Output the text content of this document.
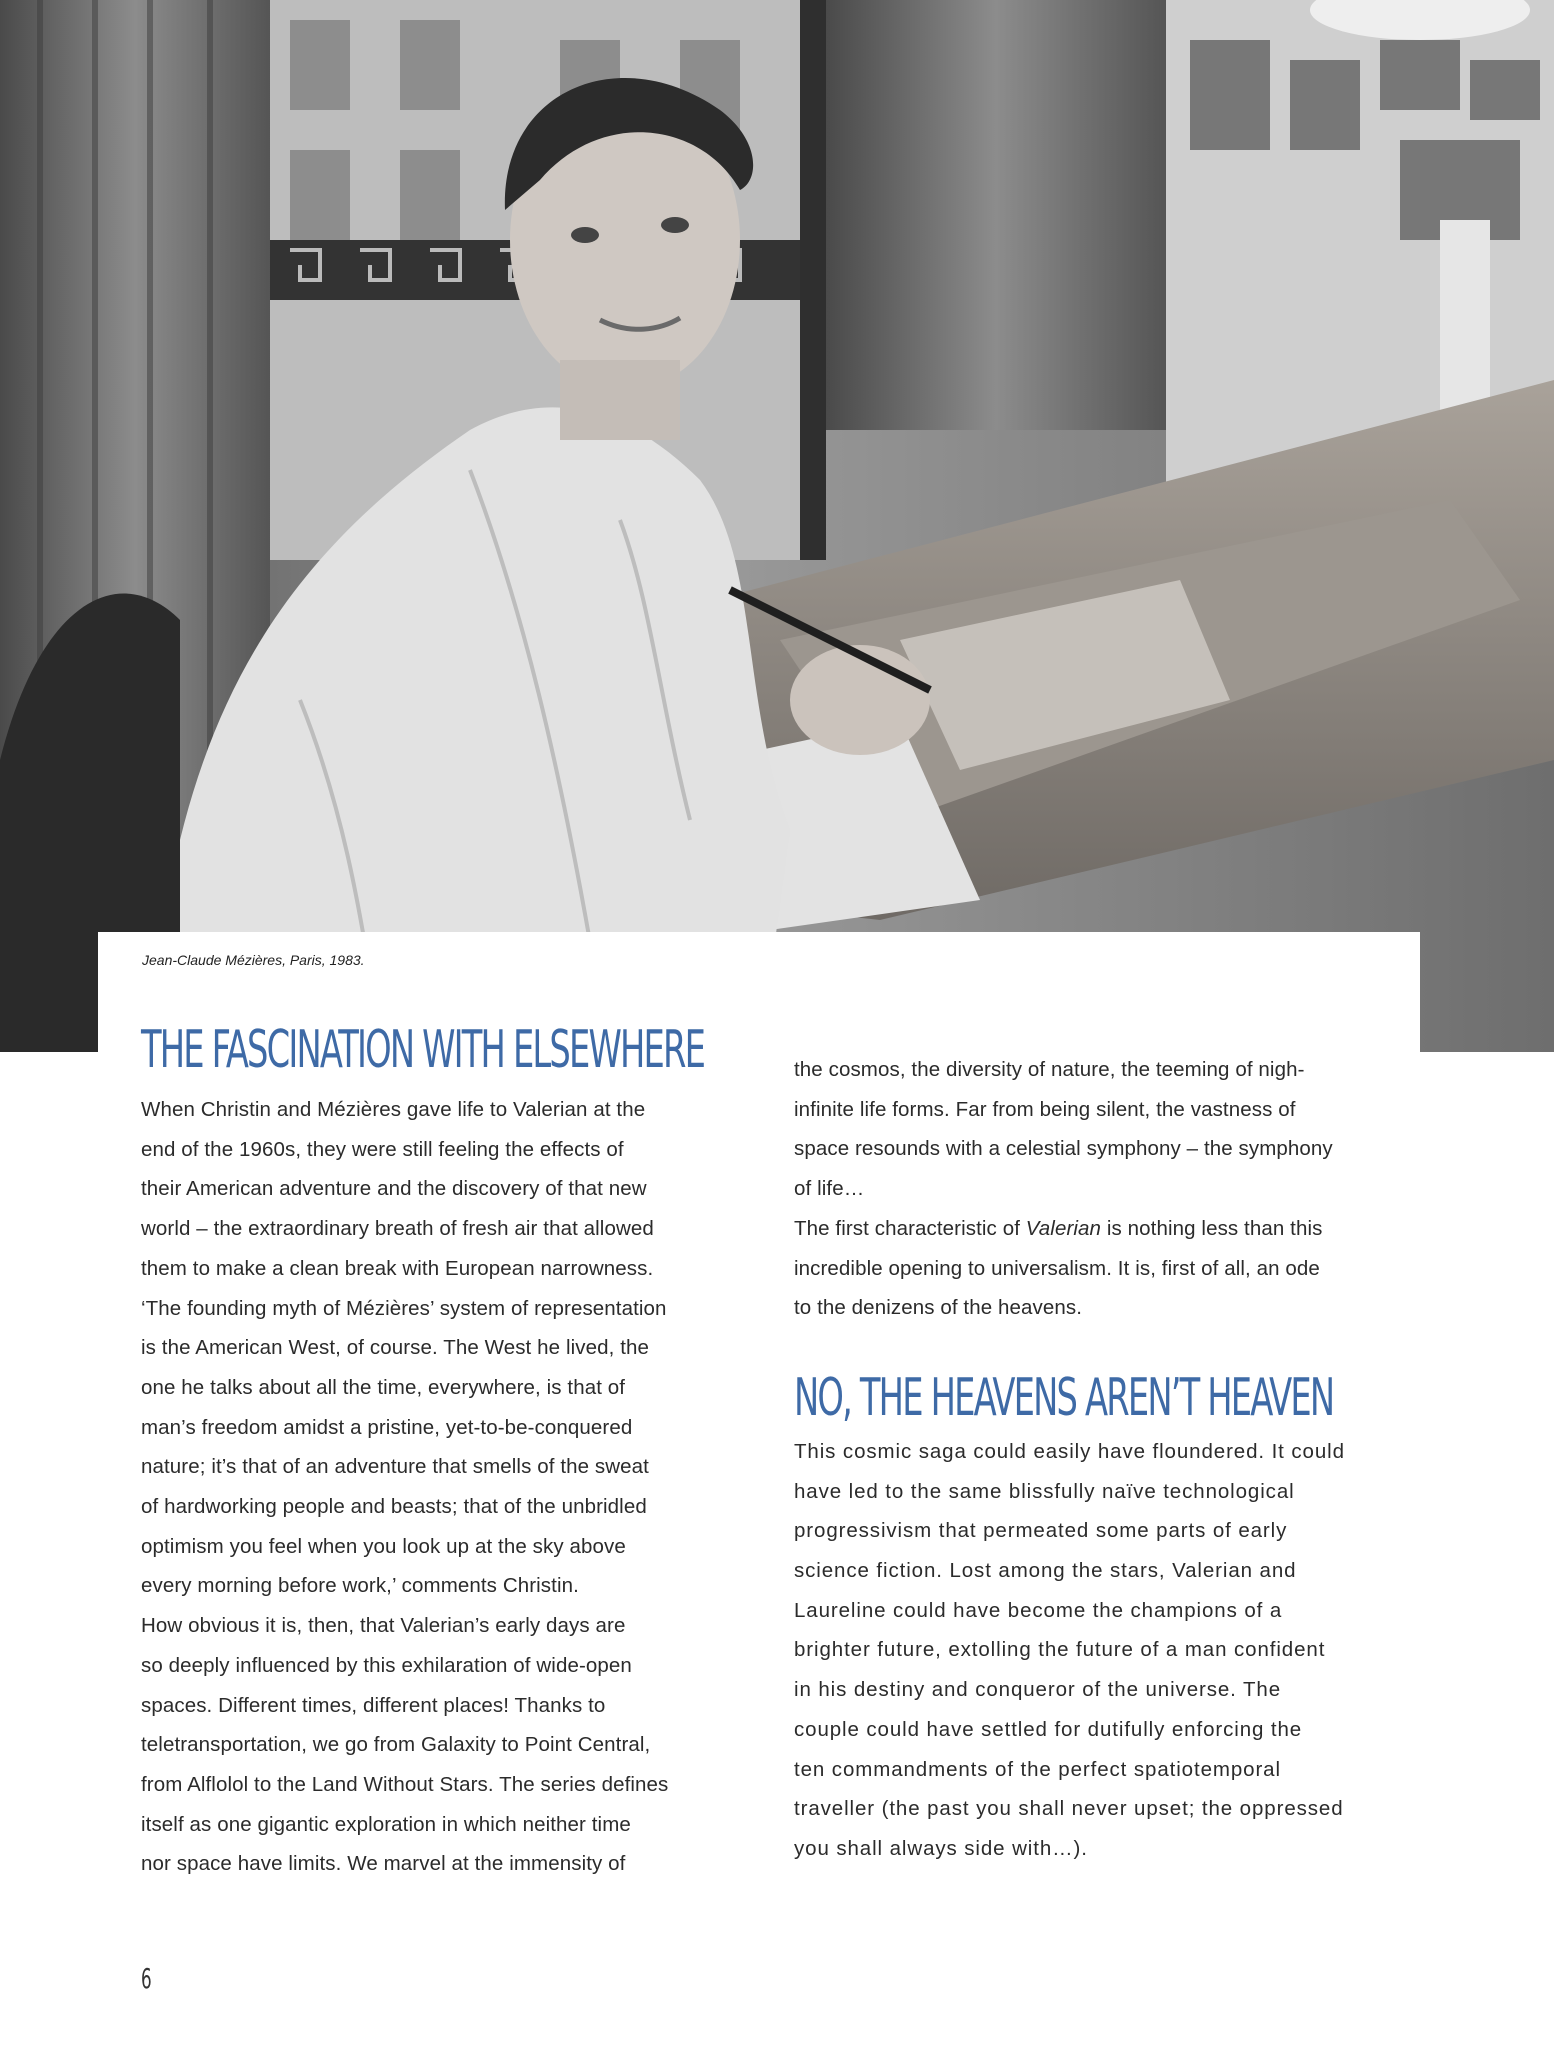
Jean-Claude Mézières, Paris, 1983.
THE FASCINATION WITH ELSEWHERE

When Christin and Mézières gave life to Valerian at the

end of the 1960s, they were still feeling the effects of

their American adventure and the discovery of that new

world – the extraordinary breath of fresh air that allowed

them to make a clean break with European narrowness.

‘The founding myth of Mézières’ system of representation

is the American West, of course. The West he lived, the

one he talks about all the time, everywhere, is that of

man’s freedom amidst a pristine, yet-to-be-conquered

nature; it’s that of an adventure that smells of the sweat

of hardworking people and beasts; that of the unbridled

optimism you feel when you look up at the sky above

every morning before work,’ comments Christin.

How obvious it is, then, that Valerian’s early days are

so deeply influenced by this exhilaration of wide-open

spaces. Different times, different places! Thanks to

teletransportation, we go from Galaxity to Point Central,

from Alflolol to the Land Without Stars. The series defines

itself as one gigantic exploration in which neither time

nor space have limits. We marvel at the immensity of

the cosmos, the diversity of nature, the teeming of nigh-

infinite life forms. Far from being silent, the vastness of

space resounds with a celestial symphony – the symphony

of life…

The first characteristic of Valerian is nothing less than this

incredible opening to universalism. It is, first of all, an ode

to the denizens of the heavens.

NO, THE HEAVENS AREN’T HEAVEN

This cosmic saga could easily have floundered. It could

have led to the same blissfully naïve technological

progressivism that permeated some parts of early

science fiction. Lost among the stars, Valerian and

Laureline could have become the champions of a

brighter future, extolling the future of a man confident

in his destiny and conqueror of the universe. The

couple could have settled for dutifully enforcing the

ten commandments of the perfect spatiotemporal

traveller (the past you shall never upset; the oppressed

you shall always side with…).

6
